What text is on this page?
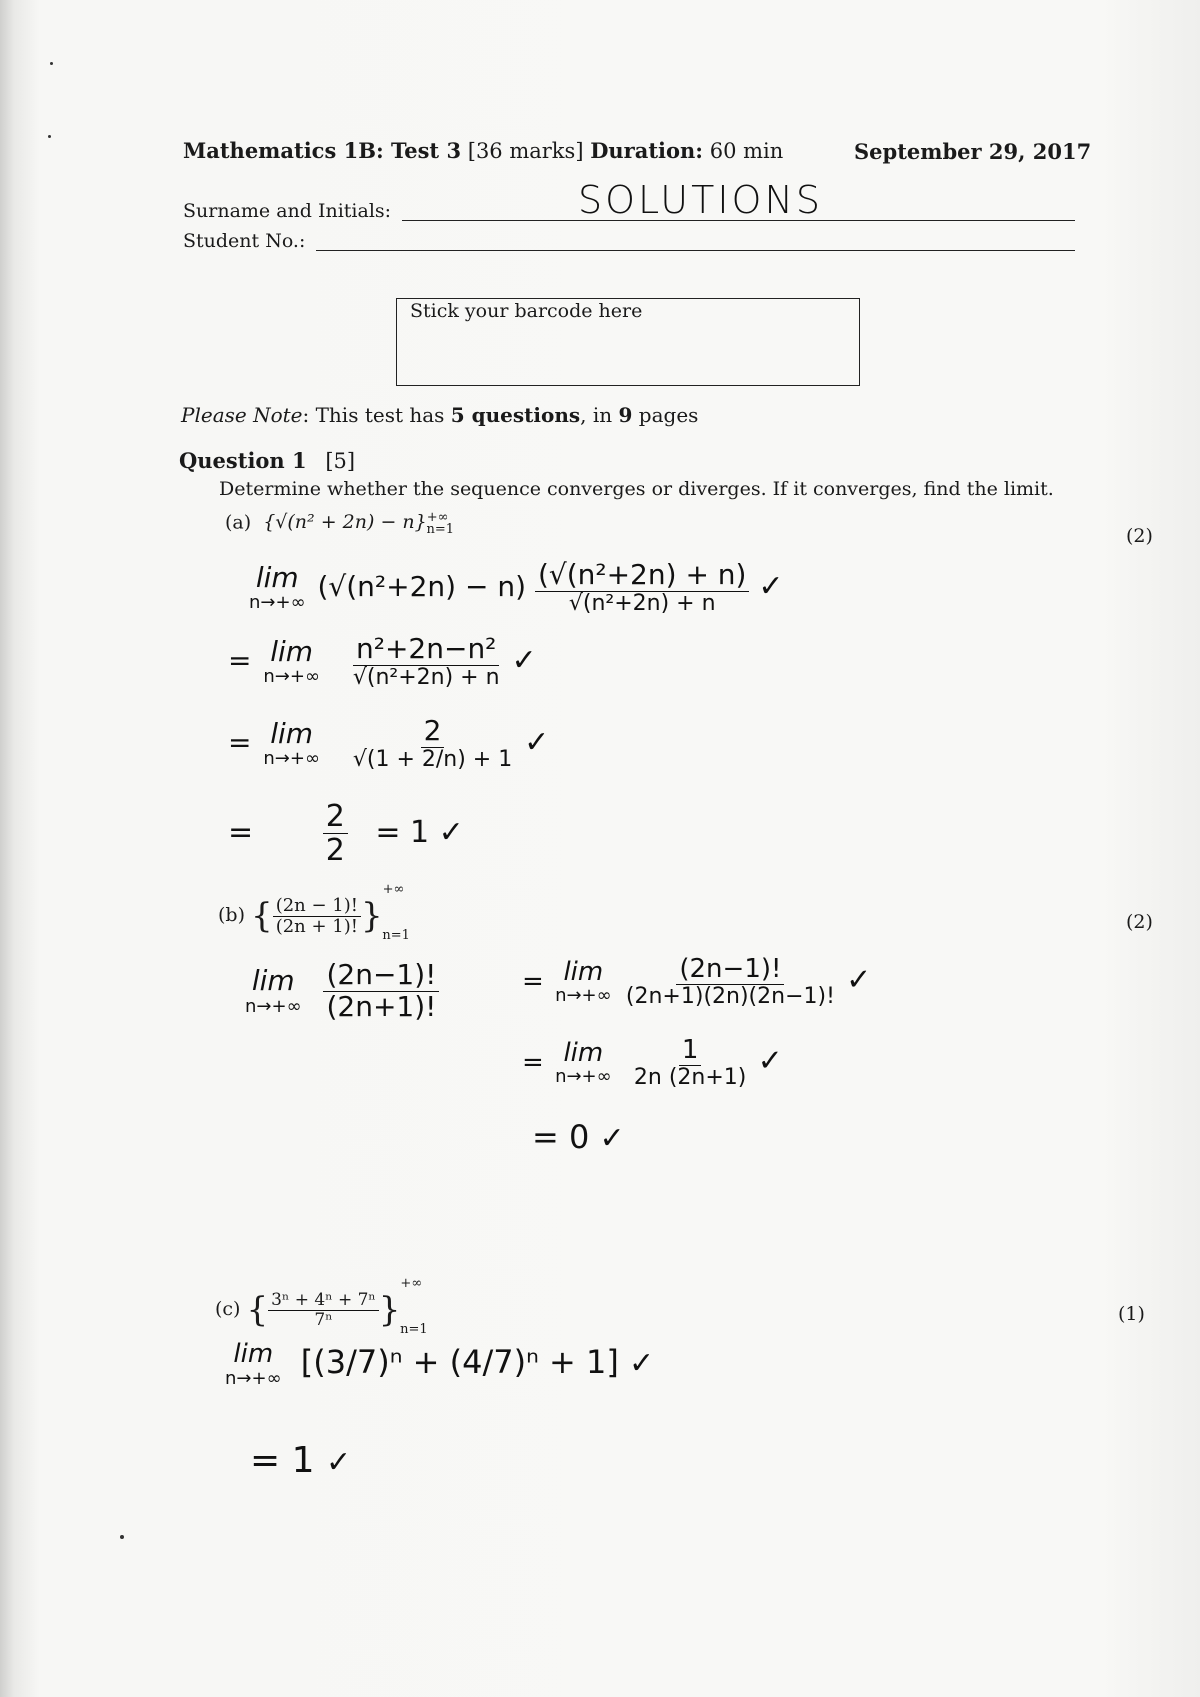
Mathematics 1B: Test 3 [36 marks] Duration: 60 min	September 29, 2017
Surname and Initials:	SOLUTIONS
Student No.:
Stick your barcode here
Please Note: This test has 5 questions, in 9 pages
Question 1 [5]
Determine whether the sequence converges or diverges. If it converges, find the limit.
(a) $\{√(n^2 + 2n) - n\}^{+\infty}_{n=1}$	(2)
lim
n→+∞ $(√(n^2+2n) - n) \frac{\text{(√(n²+2n) + n)}}{\text{√(n²+2n) + n}}$ ✓
= lim
n→+∞
$\frac{\text{n²+2n−n²}}{\text{√(n²+2n) + n}}$ ✓
= lim
n→+∞
$\frac{2}{√(1 + 2/n) + 1}$ ✓
= $\frac{2}{2} = 1$ ✓
(b) { $\frac{(2n - 1)!}{(2n + 1)!} \}^{+\infty}_{n=1}$
(2)
lim
n→+∞
$\frac{(2n-1)!}{(2n+1)!}$	= lim
n→+∞
$\frac{(2n-1)!}{(2n+1)(2n)(2n-1)!}$ ✓
= lim
n→+∞
$\frac{1}{2n (2n+1)}$ ✓
= 0 ✓
(c) { $\frac{\text{3ⁿ + 4ⁿ + 7ⁿ}}{\text{7ⁿ}} \}^{+\infty}_{n=1}$
(1)
lim
n→+∞ [(3/7)ⁿ + (4/7)ⁿ + 1] ✓
= 1 ✓
